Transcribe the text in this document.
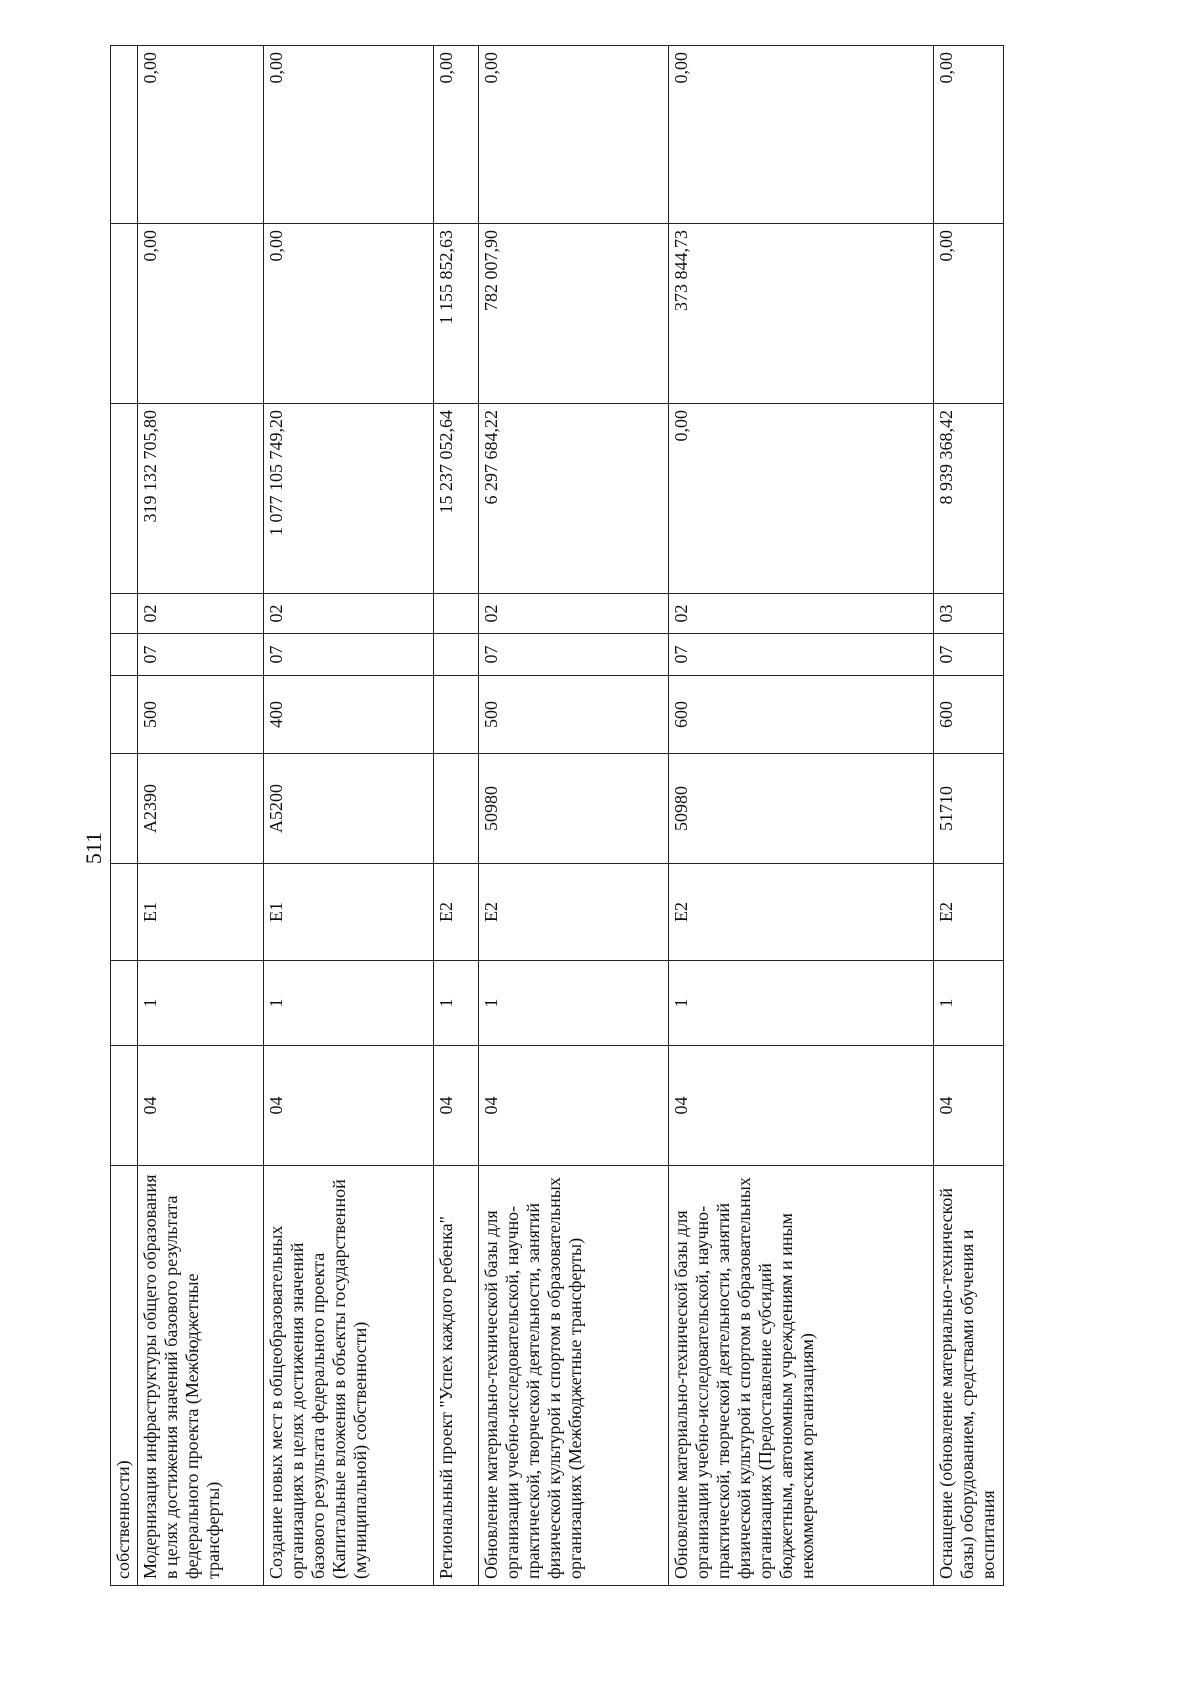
511
собственности)										
Модернизация инфраструктуры общего образования в целях достижения значений базового результата федерального проекта (Межбюджетные трансферты)	04	1	E1	A2390	500	07	02	319 132 705,80	0,00	0,00
Создание новых мест в общеобразовательных организациях в целях достижения значений базового результата федерального проекта (Капитальные вложения в объекты государственной (муниципальной) собственности)	04	1	E1	A5200	400	07	02	1 077 105 749,20	0,00	0,00
Региональный проект "Успех каждого ребенка"	04	1	E2					15 237 052,64	1 155 852,63	0,00
Обновление материально-технической базы для организации учебно-исследовательской, научно-практической, творческой деятельности, занятий физической культурой и спортом в образовательных организациях (Межбюджетные трансферты)	04	1	E2	50980	500	07	02	6 297 684,22	782 007,90	0,00
Обновление материально-технической базы для организации учебно-исследовательской, научно-практической, творческой деятельности, занятий физической культурой и спортом в образовательных организациях (Предоставление субсидий бюджетным, автономным учреждениям и иным некоммерческим организациям)	04	1	E2	50980	600	07	02	0,00	373 844,73	0,00
Оснащение (обновление материально-технической базы) оборудованием, средствами обучения и воспитания	04	1	E2	51710	600	07	03	8 939 368,42	0,00	0,00
